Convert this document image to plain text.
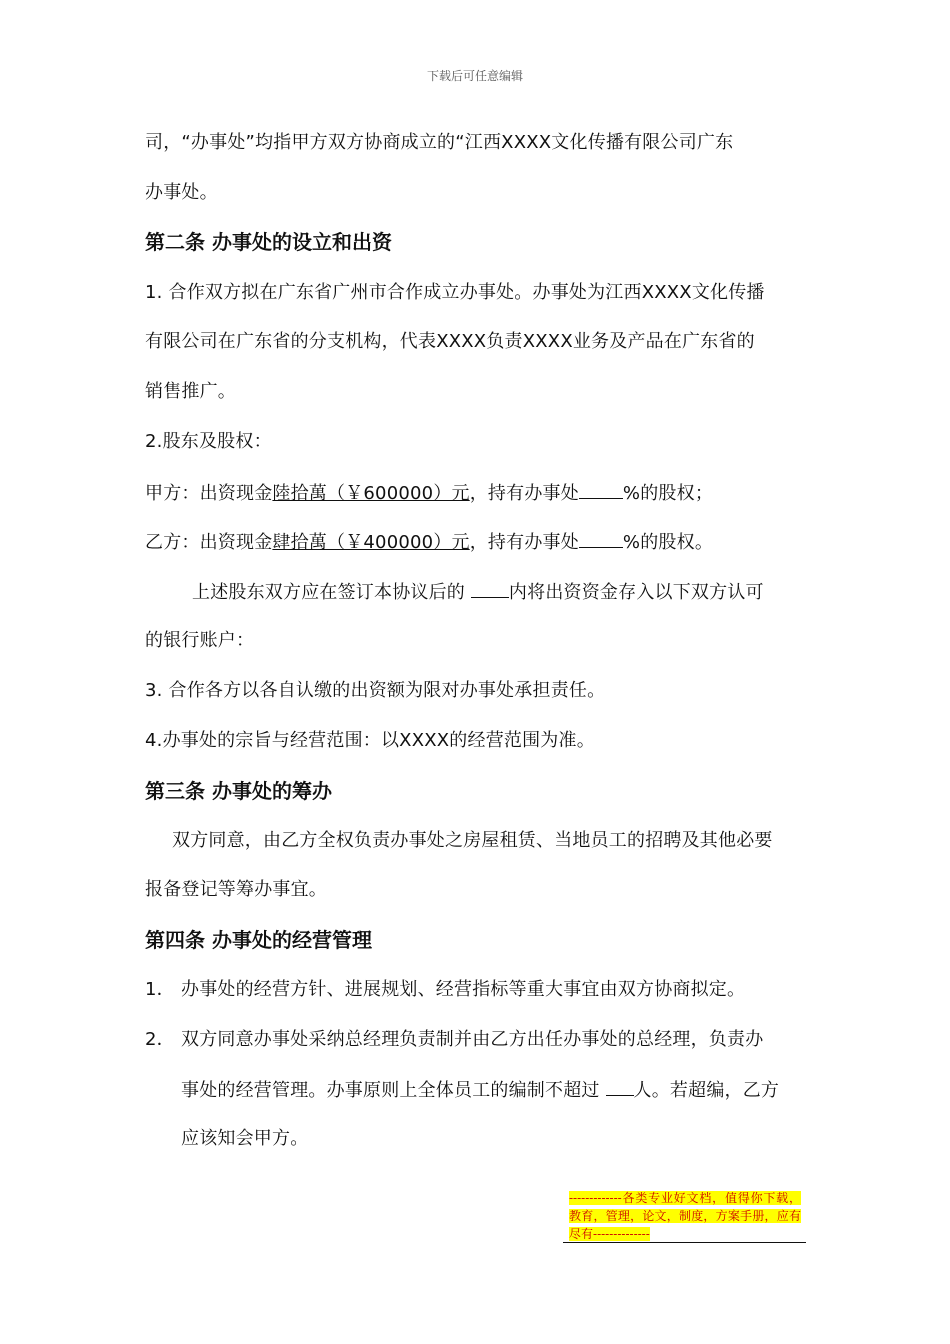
下载后可任意编辑
司，“办事处”均指甲方双方协商成立的“江西XXXX文化传播有限公司广东
办事处。
第二条 办事处的设立和出资
1. 合作双方拟在广东省广州市合作成立办事处。办事处为江西XXXX文化传播
有限公司在广东省的分支机构，代表XXXX负责XXXX业务及产品在广东省的
销售推广。
2.股东及股权：
甲方：出资现金陸拾萬（￥600000）元，持有办事处 %的股权；
乙方：出资现金肆拾萬（￥400000）元，持有办事处 %的股权。
上述股东双方应在签订本协议后的 内将出资资金存入以下双方认可
的银行账户：
3. 合作各方以各自认缴的出资额为限对办事处承担责任。
4.办事处的宗旨与经营范围：以XXXX的经营范围为准。
第三条 办事处的筹办
双方同意，由乙方全权负责办事处之房屋租赁、当地员工的招聘及其他必要
报备登记等筹办事宜。
第四条 办事处的经营管理
1． 办事处的经营方针、进展规划、经营指标等重大事宜由双方协商拟定。
2． 双方同意办事处采纳总经理负责制并由乙方出任办事处的总经理，负责办
事处的经营管理。办事原则上全体员工的编制不超过 人。若超编，乙方
应该知会甲方。
-------------各类专业好文档，值得你下载，教育，管理，论文，制度，方案手册，应有尽有--------------
